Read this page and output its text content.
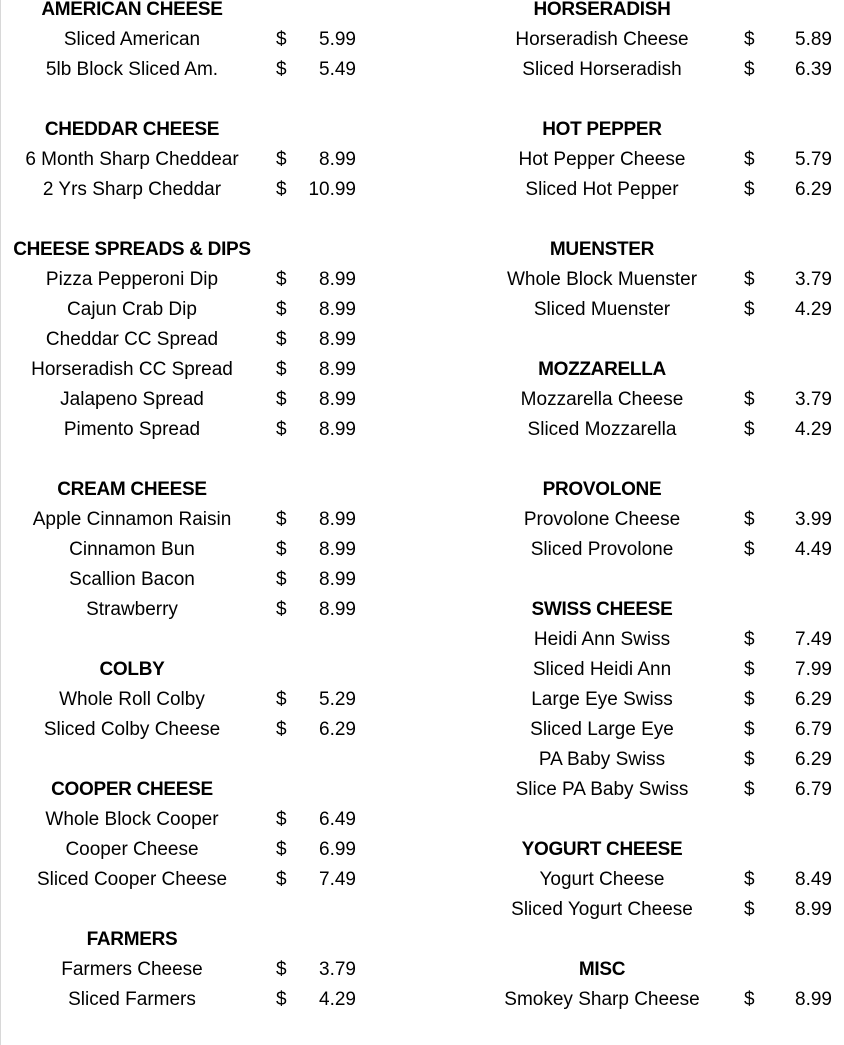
AMERICAN CHEESE
Sliced American
5lb Block Sliced Am.
CHEDDAR CHEESE
6 Month Sharp Cheddear
2 Yrs Sharp Cheddar
CHEESE SPREADS & DIPS
Pizza Pepperoni Dip
Cajun Crab Dip
Cheddar CC Spread
Horseradish CC Spread
Jalapeno Spread
Pimento Spread
CREAM CHEESE
Apple Cinnamon Raisin
Cinnamon Bun
Scallion Bacon
Strawberry
COLBY
Whole Roll Colby
Sliced Colby Cheese
COOPER CHEESE
Whole Block Cooper
Cooper Cheese
Sliced Cooper Cheese
FARMERS
Farmers Cheese
Sliced Farmers
$ 5.99
$ 5.49
$ 8.99
$ 10.99
$ 8.99
$ 8.99
$ 8.99
$ 8.99
$ 8.99
$ 8.99
$ 8.99
$ 8.99
$ 8.99
$ 8.99
$ 5.29
$ 6.29
$ 6.49
$ 6.99
$ 7.49
$ 3.79
$ 4.29
HORSERADISH
Horseradish Cheese
Sliced Horseradish
HOT PEPPER
Hot Pepper Cheese
Sliced Hot Pepper
MUENSTER
Whole Block Muenster
Sliced Muenster
MOZZARELLA
Mozzarella Cheese
Sliced Mozzarella
PROVOLONE
Provolone Cheese
Sliced Provolone
SWISS CHEESE
Heidi Ann Swiss
Sliced Heidi Ann
Large Eye Swiss
Sliced Large Eye
PA Baby Swiss
Slice PA Baby Swiss
YOGURT CHEESE
Yogurt Cheese
Sliced Yogurt Cheese
MISC
Smokey Sharp Cheese
$ 5.89
$ 6.39
$ 5.79
$ 6.29
$ 3.79
$ 4.29
$ 3.79
$ 4.29
$ 3.99
$ 4.49
$ 7.49
$ 7.99
$ 6.29
$ 6.79
$ 6.29
$ 6.79
$ 8.49
$ 8.99
$ 8.99
